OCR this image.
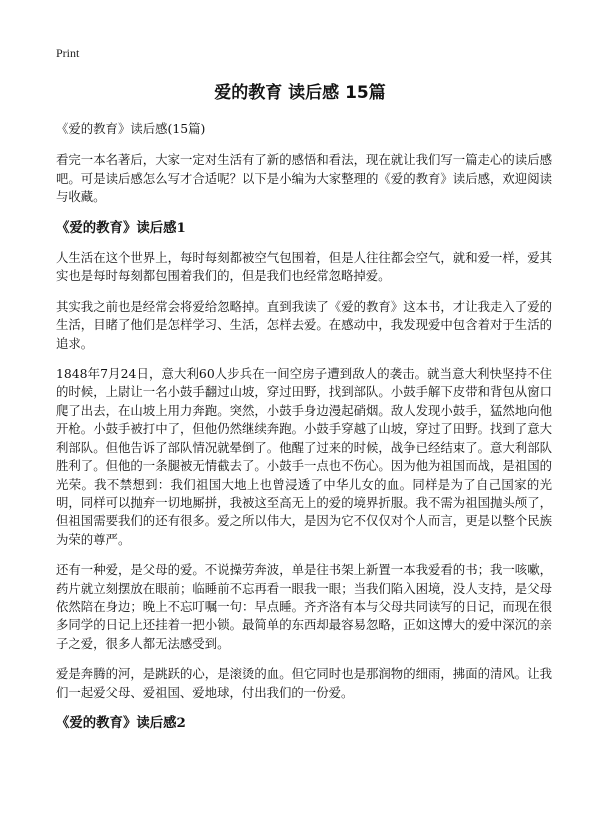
Print
爱的教育 读后感 15篇
《爱的教育》读后感(15篇)

看完一本名著后，大家一定对生活有了新的感悟和看法，现在就让我们写一篇走心的读后感吧。可是读后感怎么写才合适呢？以下是小编为大家整理的《爱的教育》读后感，欢迎阅读与收藏。

《爱的教育》读后感1

人生活在这个世界上，每时每刻都被空气包围着，但是人往往都会空气，就和爱一样，爱其实也是每时每刻都包围着我们的，但是我们也经常忽略掉爱。

其实我之前也是经常会将爱给忽略掉。直到我读了《爱的教育》这本书，才让我走入了爱的生活，目睹了他们是怎样学习、生活，怎样去爱。在感动中，我发现爱中包含着对于生活的追求。

1848年7月24日，意大利60人步兵在一间空房子遭到敌人的袭击。就当意大利快坚持不住的时候，上尉让一名小鼓手翻过山坡，穿过田野，找到部队。小鼓手解下皮带和背包从窗口爬了出去，在山坡上用力奔跑。突然，小鼓手身边漫起硝烟。敌人发现小鼓手，猛然地向他开枪。小鼓手被打中了，但他仍然继续奔跑。小鼓手穿越了山坡，穿过了田野。找到了意大利部队。但他告诉了部队情况就晕倒了。他醒了过来的时候，战争已经结束了。意大利部队胜利了。但他的一条腿被无情截去了。小鼓手一点也不伤心。因为他为祖国而战，是祖国的光荣。我不禁想到：我们祖国大地上也曾浸透了中华儿女的血。同样是为了自己国家的光明，同样可以抛弃一切地厮拼，我被这至高无上的爱的境界折服。我不需为祖国抛头颅了，但祖国需要我们的还有很多。爱之所以伟大，是因为它不仅仅对个人而言，更是以整个民族为荣的尊严。

还有一种爱，是父母的爱。不说操劳奔波，单是往书架上新置一本我爱看的书；我一咳嗽，药片就立刻摆放在眼前；临睡前不忘再看一眼我一眼；当我们陷入困境，没人支持，是父母依然陪在身边；晚上不忘叮嘱一句：早点睡。齐齐洛有本与父母共同读写的日记，而现在很多同学的日记上还挂着一把小锁。最简单的东西却最容易忽略，正如这博大的爱中深沉的亲子之爱，很多人都无法感受到。

爱是奔腾的河，是跳跃的心，是滚烫的血。但它同时也是那润物的细雨，拂面的清风。让我们一起爱父母、爱祖国、爱地球，付出我们的一份爱。

《爱的教育》读后感2
